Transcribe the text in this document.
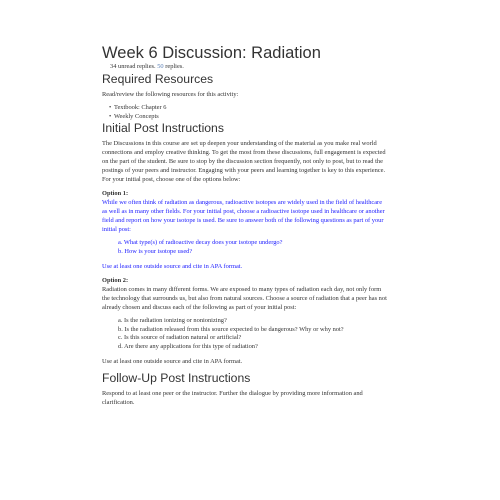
Week 6 Discussion: Radiation
34 unread replies. 50 replies.
Required Resources

Read/review the following resources for this activity:

• Textbook: Chapter 6
• Weekly Concepts
Initial Post Instructions

The Discussions in this course are set up deepen your understanding of the material as you make real world connections and employ creative thinking. To get the most from these discussions, full engagement is expected on the part of the student. Be sure to stop by the discussion section frequently, not only to post, but to read the postings of your peers and instructor. Engaging with your peers and learning together is key to this experience. For your initial post, choose one of the options below:

Option 1:

While we often think of radiation as dangerous, radioactive isotopes are widely used in the field of healthcare as well as in many other fields. For your initial post, choose a radioactive isotope used in healthcare or another field and report on how your isotope is used. Be sure to answer both of the following questions as part of your initial post:

a. What type(s) of radioactive decay does your isotope undergo?
b. How is your isotope used?

Use at least one outside source and cite in APA format.

Option 2:

Radiation comes in many different forms. We are exposed to many types of radiation each day, not only form the technology that surrounds us, but also from natural sources. Choose a source of radiation that a peer has not already chosen and discuss each of the following as part of your initial post:

a. Is the radiation ionizing or nonionizing?
b. Is the radiation released from this source expected to be dangerous? Why or why not?
c. Is this source of radiation natural or artificial?
d. Are there any applications for this type of radiation?

Use at least one outside source and cite in APA format.

Follow-Up Post Instructions

Respond to at least one peer or the instructor. Further the dialogue by providing more information and clarification.
